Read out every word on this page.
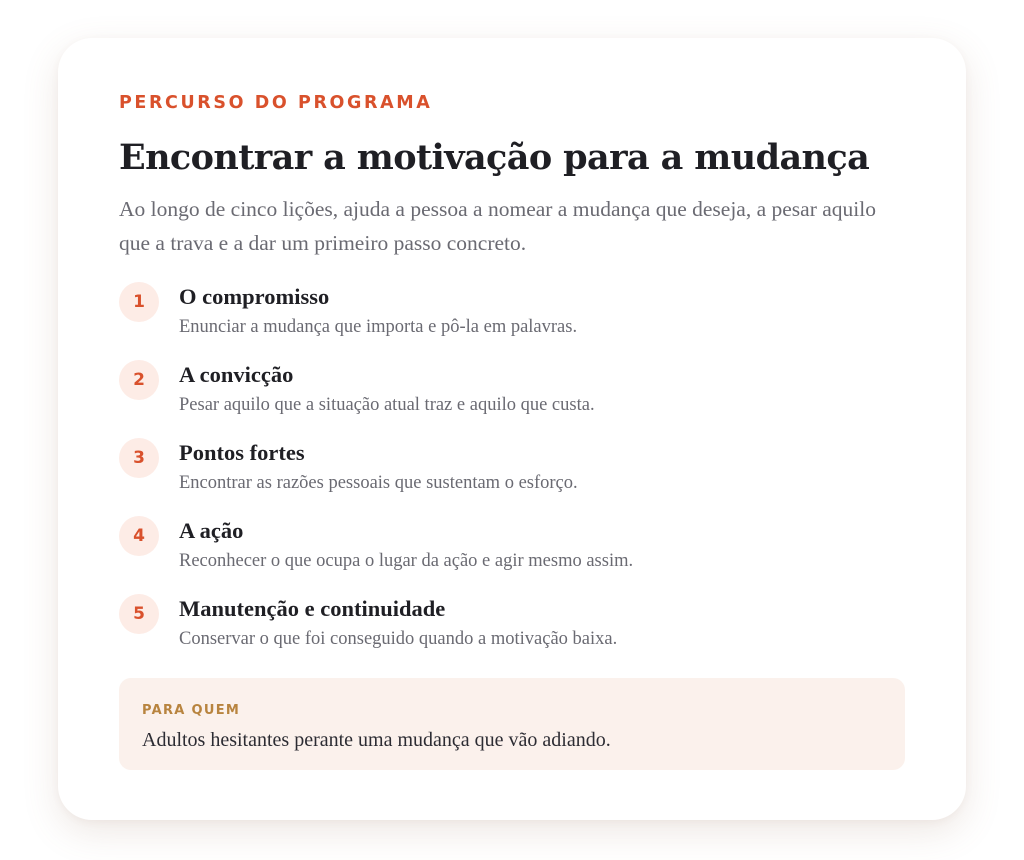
PERCURSO DO PROGRAMA

Encontrar a motivação para a mudança

Ao longo de cinco lições, ajuda a pessoa a nomear a mudança que deseja, a pesar aquilo que a trava e a dar um primeiro passo concreto.

1	O compromisso

Enunciar a mudança que importa e pô-la em palavras.

2	A convicção

Pesar aquilo que a situação atual traz e aquilo que custa.

3	Pontos fortes

Encontrar as razões pessoais que sustentam o esforço.

4	A ação

Reconhecer o que ocupa o lugar da ação e agir mesmo assim.

5	Manutenção e continuidade

Conservar o que foi conseguido quando a motivação baixa.

PARA QUEM

Adultos hesitantes perante uma mudança que vão adiando.
